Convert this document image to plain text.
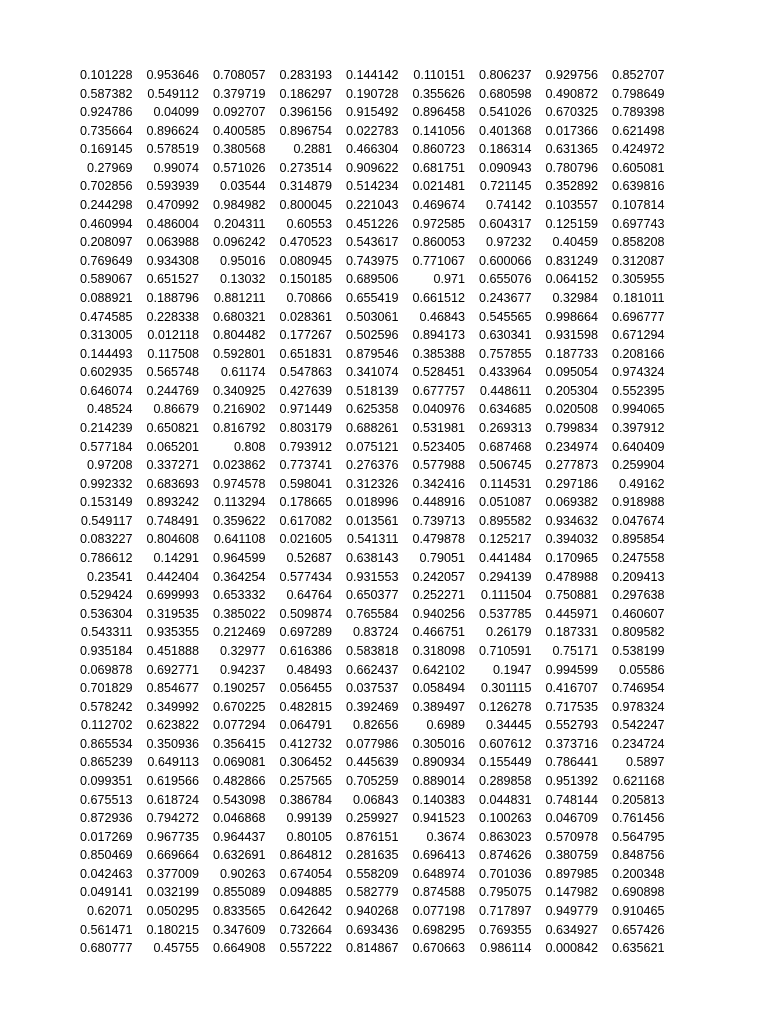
0.101228	0.953646	0.708057	0.283193	0.144142	0.110151	0.806237	0.929756	0.852707
0.587382	0.549112	0.379719	0.186297	0.190728	0.355626	0.680598	0.490872	0.798649
0.924786	0.04099	0.092707	0.396156	0.915492	0.896458	0.541026	0.670325	0.789398
0.735664	0.896624	0.400585	0.896754	0.022783	0.141056	0.401368	0.017366	0.621498
0.169145	0.578519	0.380568	0.2881	0.466304	0.860723	0.186314	0.631365	0.424972
0.27969	0.99074	0.571026	0.273514	0.909622	0.681751	0.090943	0.780796	0.605081
0.702856	0.593939	0.03544	0.314879	0.514234	0.021481	0.721145	0.352892	0.639816
0.244298	0.470992	0.984982	0.800045	0.221043	0.469674	0.74142	0.103557	0.107814
0.460994	0.486004	0.204311	0.60553	0.451226	0.972585	0.604317	0.125159	0.697743
0.208097	0.063988	0.096242	0.470523	0.543617	0.860053	0.97232	0.40459	0.858208
0.769649	0.934308	0.95016	0.080945	0.743975	0.771067	0.600066	0.831249	0.312087
0.589067	0.651527	0.13032	0.150185	0.689506	0.971	0.655076	0.064152	0.305955
0.088921	0.188796	0.881211	0.70866	0.655419	0.661512	0.243677	0.32984	0.181011
0.474585	0.228338	0.680321	0.028361	0.503061	0.46843	0.545565	0.998664	0.696777
0.313005	0.012118	0.804482	0.177267	0.502596	0.894173	0.630341	0.931598	0.671294
0.144493	0.117508	0.592801	0.651831	0.879546	0.385388	0.757855	0.187733	0.208166
0.602935	0.565748	0.61174	0.547863	0.341074	0.528451	0.433964	0.095054	0.974324
0.646074	0.244769	0.340925	0.427639	0.518139	0.677757	0.448611	0.205304	0.552395
0.48524	0.86679	0.216902	0.971449	0.625358	0.040976	0.634685	0.020508	0.994065
0.214239	0.650821	0.816792	0.803179	0.688261	0.531981	0.269313	0.799834	0.397912
0.577184	0.065201	0.808	0.793912	0.075121	0.523405	0.687468	0.234974	0.640409
0.97208	0.337271	0.023862	0.773741	0.276376	0.577988	0.506745	0.277873	0.259904
0.992332	0.683693	0.974578	0.598041	0.312326	0.342416	0.114531	0.297186	0.49162
0.153149	0.893242	0.113294	0.178665	0.018996	0.448916	0.051087	0.069382	0.918988
0.549117	0.748491	0.359622	0.617082	0.013561	0.739713	0.895582	0.934632	0.047674
0.083227	0.804608	0.641108	0.021605	0.541311	0.479878	0.125217	0.394032	0.895854
0.786612	0.14291	0.964599	0.52687	0.638143	0.79051	0.441484	0.170965	0.247558
0.23541	0.442404	0.364254	0.577434	0.931553	0.242057	0.294139	0.478988	0.209413
0.529424	0.699993	0.653332	0.64764	0.650377	0.252271	0.111504	0.750881	0.297638
0.536304	0.319535	0.385022	0.509874	0.765584	0.940256	0.537785	0.445971	0.460607
0.543311	0.935355	0.212469	0.697289	0.83724	0.466751	0.26179	0.187331	0.809582
0.935184	0.451888	0.32977	0.616386	0.583818	0.318098	0.710591	0.75171	0.538199
0.069878	0.692771	0.94237	0.48493	0.662437	0.642102	0.1947	0.994599	0.05586
0.701829	0.854677	0.190257	0.056455	0.037537	0.058494	0.301115	0.416707	0.746954
0.578242	0.349992	0.670225	0.482815	0.392469	0.389497	0.126278	0.717535	0.978324
0.112702	0.623822	0.077294	0.064791	0.82656	0.6989	0.34445	0.552793	0.542247
0.865534	0.350936	0.356415	0.412732	0.077986	0.305016	0.607612	0.373716	0.234724
0.865239	0.649113	0.069081	0.306452	0.445639	0.890934	0.155449	0.786441	0.5897
0.099351	0.619566	0.482866	0.257565	0.705259	0.889014	0.289858	0.951392	0.621168
0.675513	0.618724	0.543098	0.386784	0.06843	0.140383	0.044831	0.748144	0.205813
0.872936	0.794272	0.046868	0.99139	0.259927	0.941523	0.100263	0.046709	0.761456
0.017269	0.967735	0.964437	0.80105	0.876151	0.3674	0.863023	0.570978	0.564795
0.850469	0.669664	0.632691	0.864812	0.281635	0.696413	0.874626	0.380759	0.848756
0.042463	0.377009	0.90263	0.674054	0.558209	0.648974	0.701036	0.897985	0.200348
0.049141	0.032199	0.855089	0.094885	0.582779	0.874588	0.795075	0.147982	0.690898
0.62071	0.050295	0.833565	0.642642	0.940268	0.077198	0.717897	0.949779	0.910465
0.561471	0.180215	0.347609	0.732664	0.693436	0.698295	0.769355	0.634927	0.657426
0.680777	0.45755	0.664908	0.557222	0.814867	0.670663	0.986114	0.000842	0.635621
